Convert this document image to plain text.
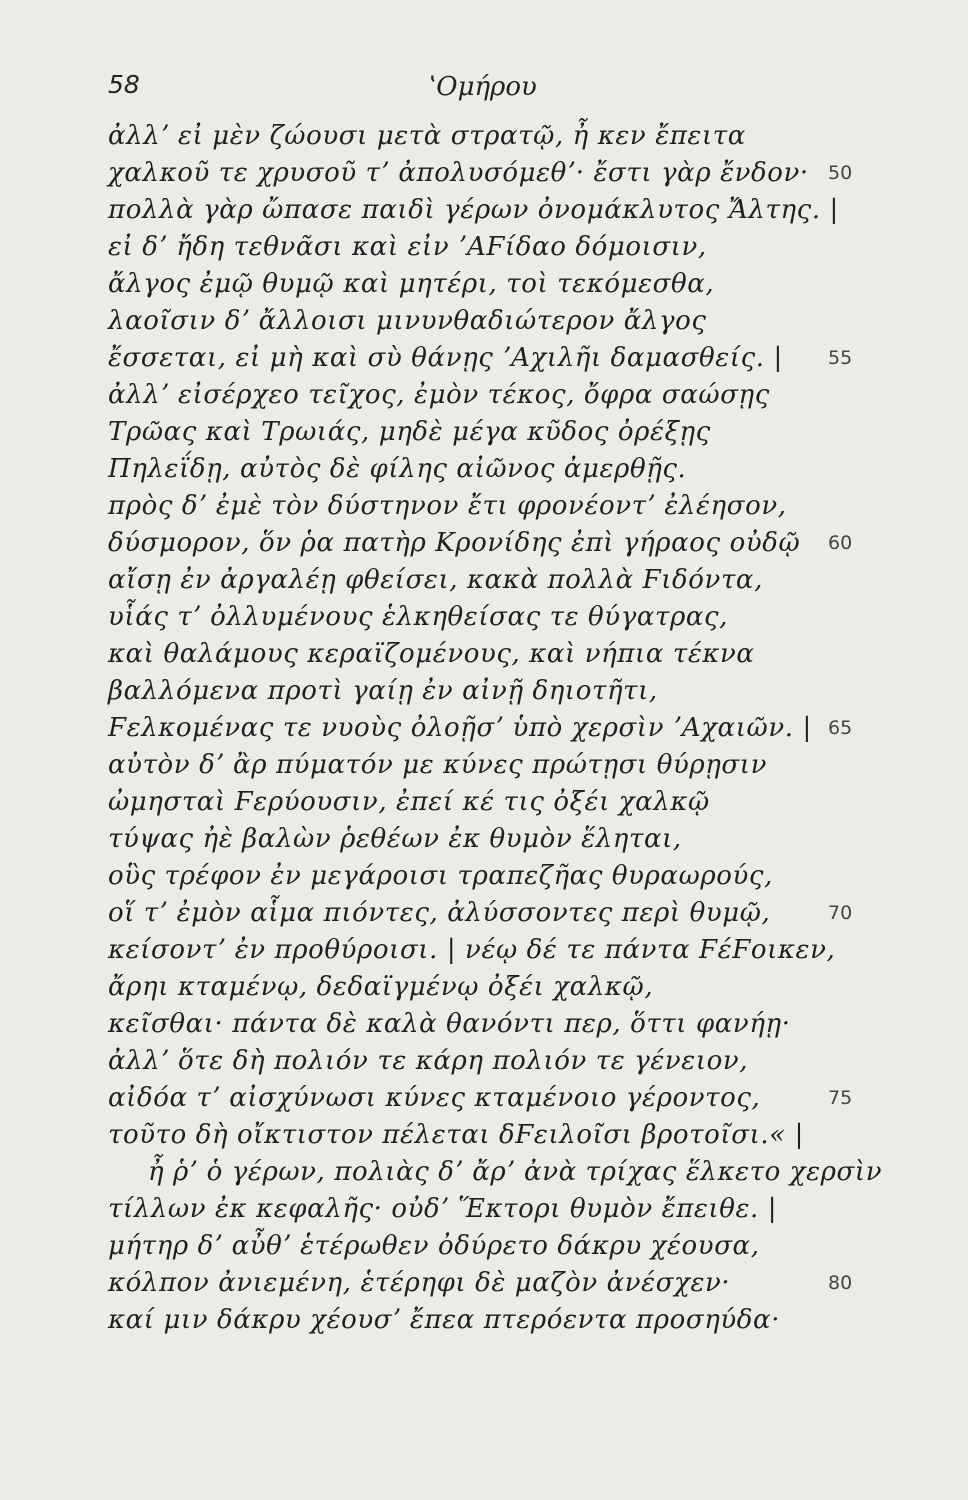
58	ʽΟμήρου
ἀλλʼ εἰ μὲν ζώουσι μετὰ στρατῷ, ἦ κεν ἔπειτα
χαλκοῦ τε χρυσοῦ τʼ ἀπολυσόμεθʼ· ἔστι γὰρ ἔνδον· 50
πολλὰ γὰρ ὤπασε παιδὶ γέρων ὀνομάκλυτος Ἄλτης. |
εἰ δʼ ἤδη τεθνᾶσι καὶ εἰν ʼΑϜίδαο δόμοισιν,
ἄλγος ἐμῷ θυμῷ καὶ μητέρι, τοὶ τεκόμεσθα,
λαοῖσιν δʼ ἄλλοισι μινυνθαδιώτερον ἄλγος
ἔσσεται, εἰ μὴ καὶ σὺ θάνῃς ʼΑχιλῆι δαμασθείς. | 55
ἀλλʼ εἰσέρχεο τεῖχος, ἐμὸν τέκος, ὄφρα σαώσῃς
Τρῶας καὶ Τρωιάς, μηδὲ μέγα κῦδος ὀρέξῃς
Πηλεΐδῃ, αὐτὸς δὲ φίλης αἰῶνος ἀμερθῇς.
πρὸς δʼ ἐμὲ τὸν δύστηνον ἔτι φρονέοντʼ ἐλέησον,
δύσμορον, ὅν ῥα πατὴρ Κρονίδης ἐπὶ γήραος οὐδῷ 60
αἴσῃ ἐν ἀργαλέῃ φθείσει, κακὰ πολλὰ Ϝιδόντα,
υἷάς τʼ ὀλλυμένους ἑλκηθείσας τε θύγατρας,
καὶ θαλάμους κεραϊζομένους, καὶ νήπια τέκνα
βαλλόμενα προτὶ γαίῃ ἐν αἰνῇ δηιοτῆτι,
Ϝελκομένας τε νυοὺς ὀλοῇσʼ ὑπὸ χερσὶν ʼΑχαιῶν. | 65
αὐτὸν δʼ ἂρ πύματόν με κύνες πρώτῃσι θύρῃσιν
ὠμησταὶ Ϝερύουσιν, ἐπεί κέ τις ὀξέι χαλκῷ
τύψας ἠὲ βαλὼν ῥεθέων ἐκ θυμὸν ἕληται,
οὓς τρέφον ἐν μεγάροισι τραπεζῆας θυραωρούς,
οἵ τʼ ἐμὸν αἷμα πιόντες, ἀλύσσοντες περὶ θυμῷ,	70
κείσοντʼ ἐν προθύροισι. | νέῳ δέ τε πάντα ϜέϜοικεν,
ἄρηι κταμένῳ, δεδαϊγμένῳ ὀξέι χαλκῷ,
κεῖσθαι· πάντα δὲ καλὰ θανόντι περ, ὅττι φανήῃ·
ἀλλʼ ὅτε δὴ πολιόν τε κάρη πολιόν τε γένειον,
αἰδόα τʼ αἰσχύνωσι κύνες κταμένοιο γέροντος,	75
τοῦτο δὴ οἴκτιστον πέλεται δϜειλοῖσι βροτοῖσι.« |
ἦ ῥʼ ὁ γέρων, πολιὰς δʼ ἄρʼ ἀνὰ τρίχας ἕλκετο χερσὶν
τίλλων ἐκ κεφαλῆς· οὐδʼ Ἕκτορι θυμὸν ἔπειθε. |
μήτηρ δʼ αὖθʼ ἑτέρωθεν ὀδύρετο δάκρυ χέουσα,
κόλπον ἀνιεμένη, ἑτέρηφι δὲ μαζὸν ἀνέσχεν·	80
καί μιν δάκρυ χέουσʼ ἔπεα πτερόεντα προσηύδα·
